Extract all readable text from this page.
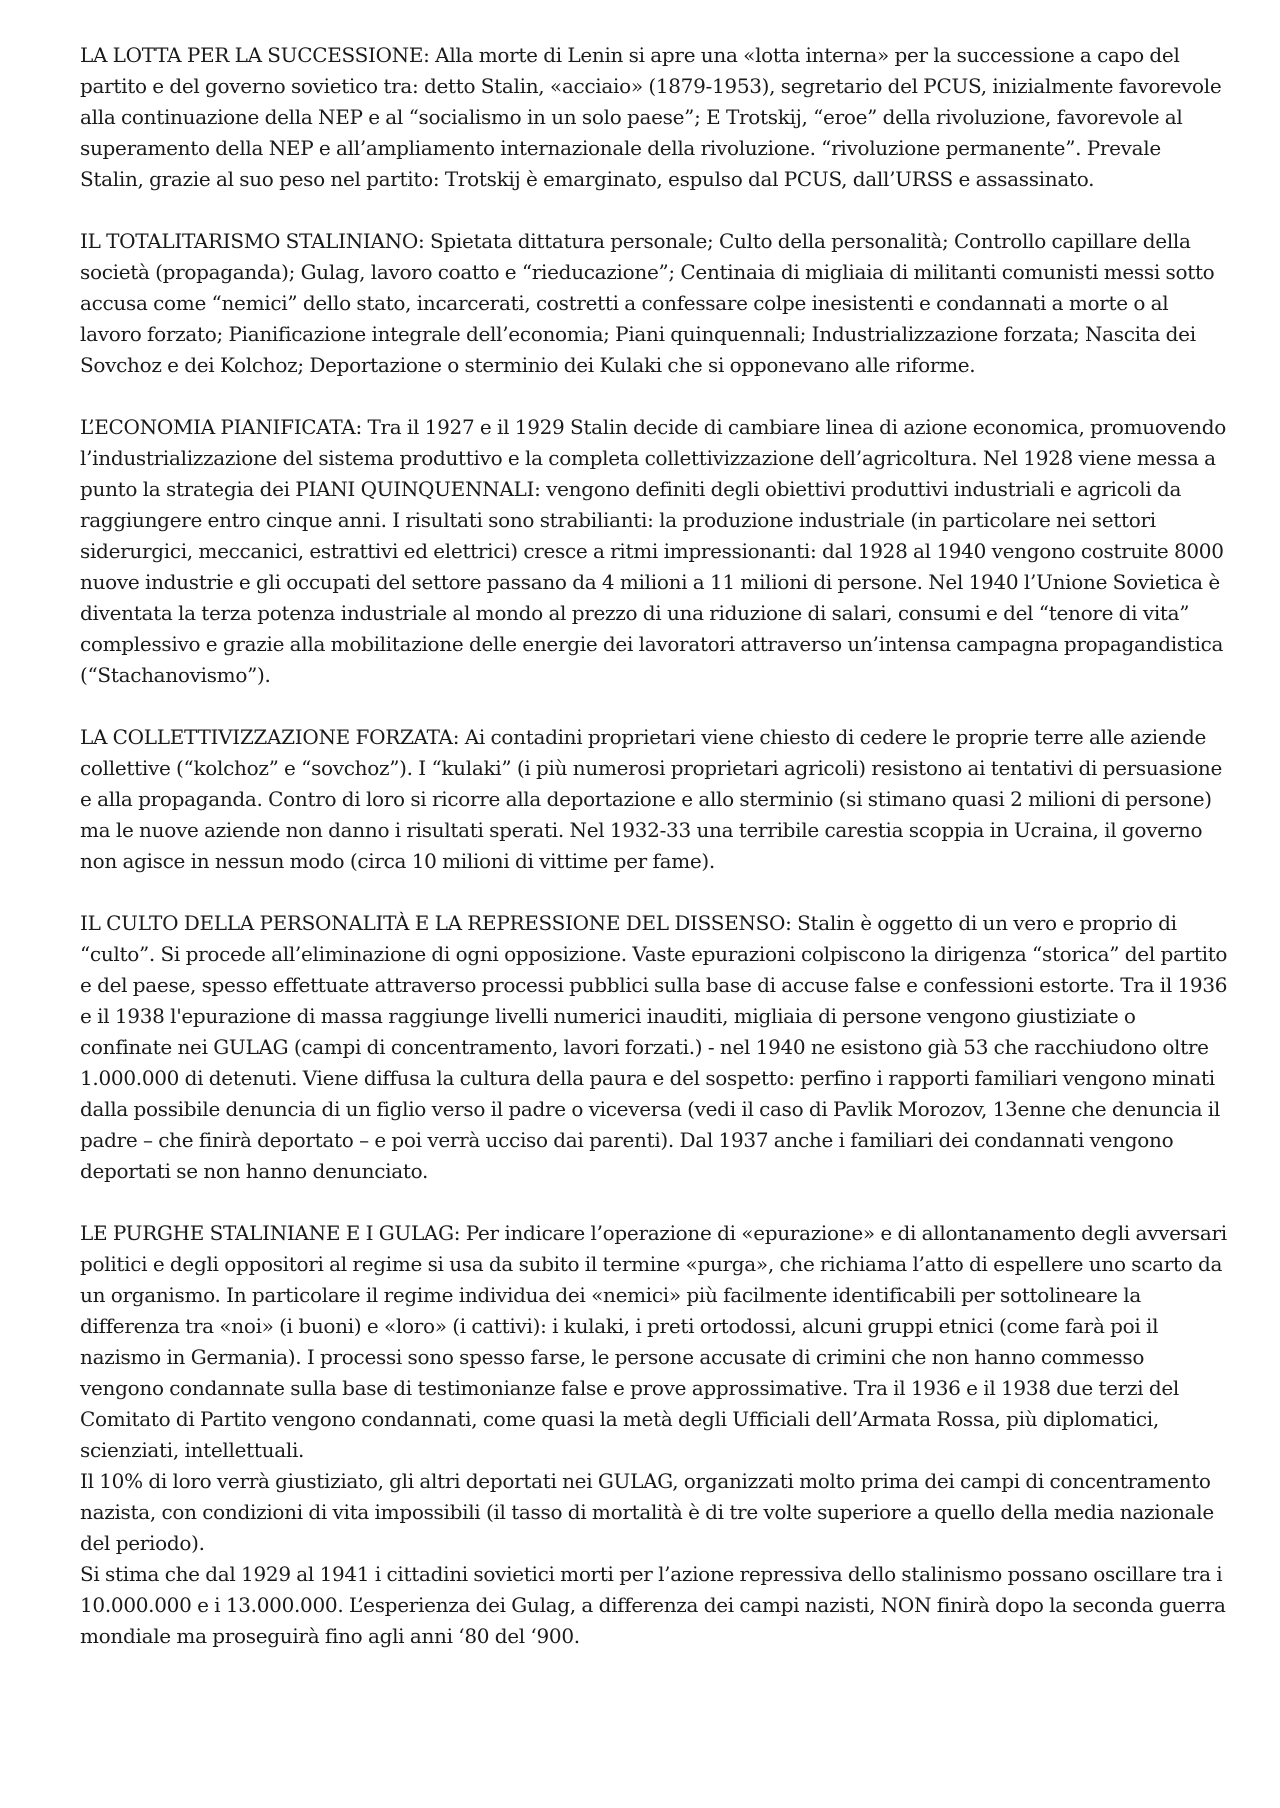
LA LOTTA PER LA SUCCESSIONE: Alla morte di Lenin si apre una «lotta interna» per la successione a capo del partito e del governo sovietico tra: detto Stalin, «acciaio» (1879-1953), segretario del PCUS, inizialmente favorevole alla continuazione della NEP e al “socialismo in un solo paese”; E Trotskij, “eroe” della rivoluzione, favorevole al superamento della NEP e all’ampliamento internazionale della rivoluzione. “rivoluzione permanente”. Prevale Stalin, grazie al suo peso nel partito: Trotskij è emarginato, espulso dal PCUS, dall’URSS e assassinato.

IL TOTALITARISMO STALINIANO: Spietata dittatura personale; Culto della personalità; Controllo capillare della società (propaganda); Gulag, lavoro coatto e “rieducazione”; Centinaia di migliaia di militanti comunisti messi sotto accusa come “nemici” dello stato, incarcerati, costretti a confessare colpe inesistenti e condannati a morte o al lavoro forzato; Pianificazione integrale dell’economia; Piani quinquennali; Industrializzazione forzata; Nascita dei Sovchoz e dei Kolchoz; Deportazione o sterminio dei Kulaki che si opponevano alle riforme.

L’ECONOMIA PIANIFICATA: Tra il 1927 e il 1929 Stalin decide di cambiare linea di azione economica, promuovendo l’industrializzazione del sistema produttivo e la completa collettivizzazione dell’agricoltura. Nel 1928 viene messa a punto la strategia dei PIANI QUINQUENNALI: vengono definiti degli obiettivi produttivi industriali e agricoli da raggiungere entro cinque anni. I risultati sono strabilianti: la produzione industriale (in particolare nei settori siderurgici, meccanici, estrattivi ed elettrici) cresce a ritmi impressionanti: dal 1928 al 1940 vengono costruite 8000 nuove industrie e gli occupati del settore passano da 4 milioni a 11 milioni di persone. Nel 1940 l’Unione Sovietica è diventata la terza potenza industriale al mondo al prezzo di una riduzione di salari, consumi e del “tenore di vita” complessivo e grazie alla mobilitazione delle energie dei lavoratori attraverso un’intensa campagna propagandistica (“Stachanovismo”).

LA COLLETTIVIZZAZIONE FORZATA: Ai contadini proprietari viene chiesto di cedere le proprie terre alle aziende collettive (“kolchoz” e “sovchoz”). I “kulaki” (i più numerosi proprietari agricoli) resistono ai tentativi di persuasione e alla propaganda. Contro di loro si ricorre alla deportazione e allo sterminio (si stimano quasi 2 milioni di persone) ma le nuove aziende non danno i risultati sperati. Nel 1932-33 una terribile carestia scoppia in Ucraina, il governo non agisce in nessun modo (circa 10 milioni di vittime per fame).

IL CULTO DELLA PERSONALITÀ E LA REPRESSIONE DEL DISSENSO: Stalin è oggetto di un vero e proprio di “culto”. Si procede all’eliminazione di ogni opposizione. Vaste epurazioni colpiscono la dirigenza “storica” del partito e del paese, spesso effettuate attraverso processi pubblici sulla base di accuse false e confessioni estorte. Tra il 1936 e il 1938 l'epurazione di massa raggiunge livelli numerici inauditi, migliaia di persone vengono giustiziate o confinate nei GULAG (campi di concentramento, lavori forzati.) - nel 1940 ne esistono già 53 che racchiudono oltre 1.000.000 di detenuti. Viene diffusa la cultura della paura e del sospetto: perfino i rapporti familiari vengono minati dalla possibile denuncia di un figlio verso il padre o viceversa (vedi il caso di Pavlik Morozov, 13enne che denuncia il padre – che finirà deportato – e poi verrà ucciso dai parenti). Dal 1937 anche i familiari dei condannati vengono deportati se non hanno denunciato.

LE PURGHE STALINIANE E I GULAG: Per indicare l’operazione di «epurazione» e di allontanamento degli avversari politici e degli oppositori al regime si usa da subito il termine «purga», che richiama l’atto di espellere uno scarto da un organismo. In particolare il regime individua dei «nemici» più facilmente identificabili per sottolineare la differenza tra «noi» (i buoni) e «loro» (i cattivi): i kulaki, i preti ortodossi, alcuni gruppi etnici (come farà poi il nazismo in Germania). I processi sono spesso farse, le persone accusate di crimini che non hanno commesso vengono condannate sulla base di testimonianze false e prove approssimative. Tra il 1936 e il 1938 due terzi del Comitato di Partito vengono condannati, come quasi la metà degli Ufficiali dell’Armata Rossa, più diplomatici, scienziati, intellettuali.
Il 10% di loro verrà giustiziato, gli altri deportati nei GULAG, organizzati molto prima dei campi di concentramento nazista, con condizioni di vita impossibili (il tasso di mortalità è di tre volte superiore a quello della media nazionale del periodo).
Si stima che dal 1929 al 1941 i cittadini sovietici morti per l’azione repressiva dello stalinismo possano oscillare tra i 10.000.000 e i 13.000.000. L’esperienza dei Gulag, a differenza dei campi nazisti, NON finirà dopo la seconda guerra mondiale ma proseguirà fino agli anni ‘80 del ‘900.
